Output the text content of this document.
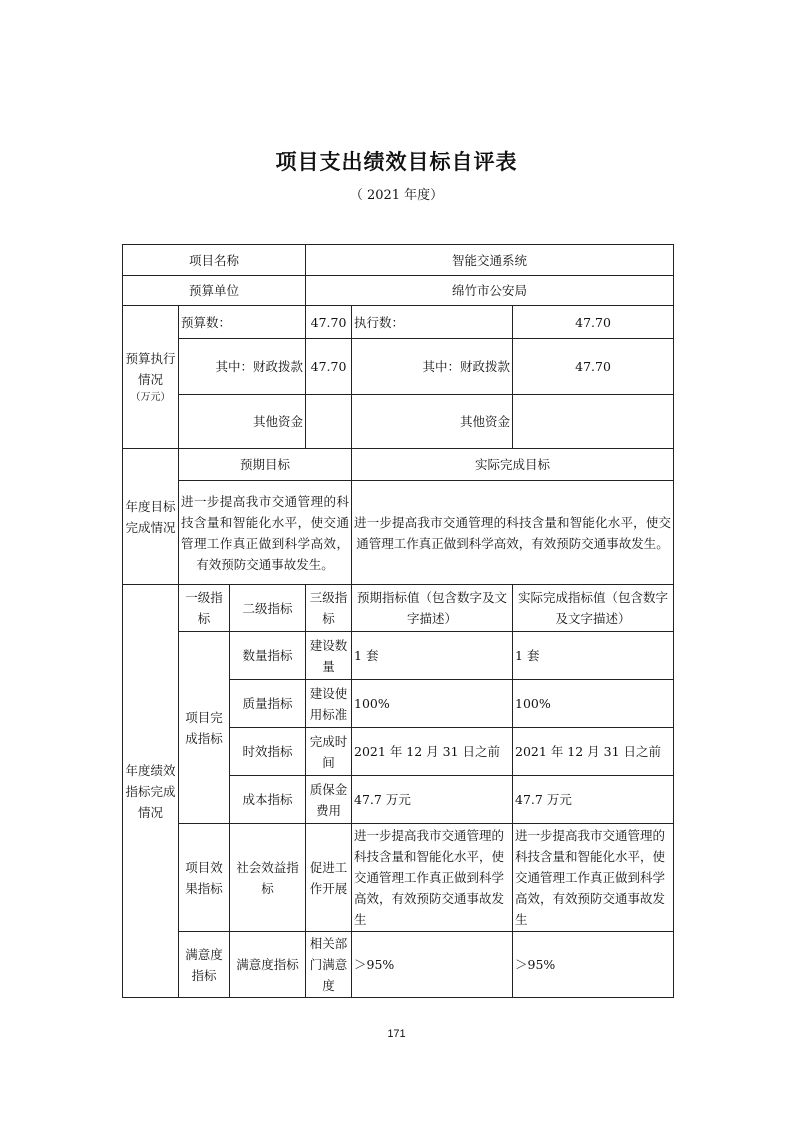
项目支出绩效目标自评表
（ 2021 年度）
项目名称			智能交通系统		
预算单位			绵竹市公安局		
预算执行情况
（万元）	预算数：		47.70	执行数：	47.70
	其中：财政拨款		47.70	其中：财政拨款	47.70
	其他资金			其他资金	
年度目标完成情况	预期目标			实际完成目标	
	进一步提高我市交通管理的科技含量和智能化水平，使交通管理工作真正做到科学高效，有效预防交通事故发生。			进一步提高我市交通管理的科技含量和智能化水平，使交通管理工作真正做到科学高效，有效预防交通事故发生。	
年度绩效指标完成情况	一级指标	二级指标	三级指标	预期指标值（包含数字及文字描述）	实际完成指标值（包含数字及文字描述）
	项目完成指标	数量指标	建设数量	1 套	1 套
		质量指标	建设使用标准	100%	100%
		时效指标	完成时间	2021 年 12 月 31 日之前	2021 年 12 月 31 日之前
		成本指标	质保金费用	47.7 万元	47.7 万元
	项目效果指标	社会效益指标	促进工作开展	进一步提高我市交通管理的科技含量和智能化水平，使交通管理工作真正做到科学高效，有效预防交通事故发生	进一步提高我市交通管理的科技含量和智能化水平，使交通管理工作真正做到科学高效，有效预防交通事故发生
	满意度指标	满意度指标	相关部门满意度	＞95%	＞95%
171
